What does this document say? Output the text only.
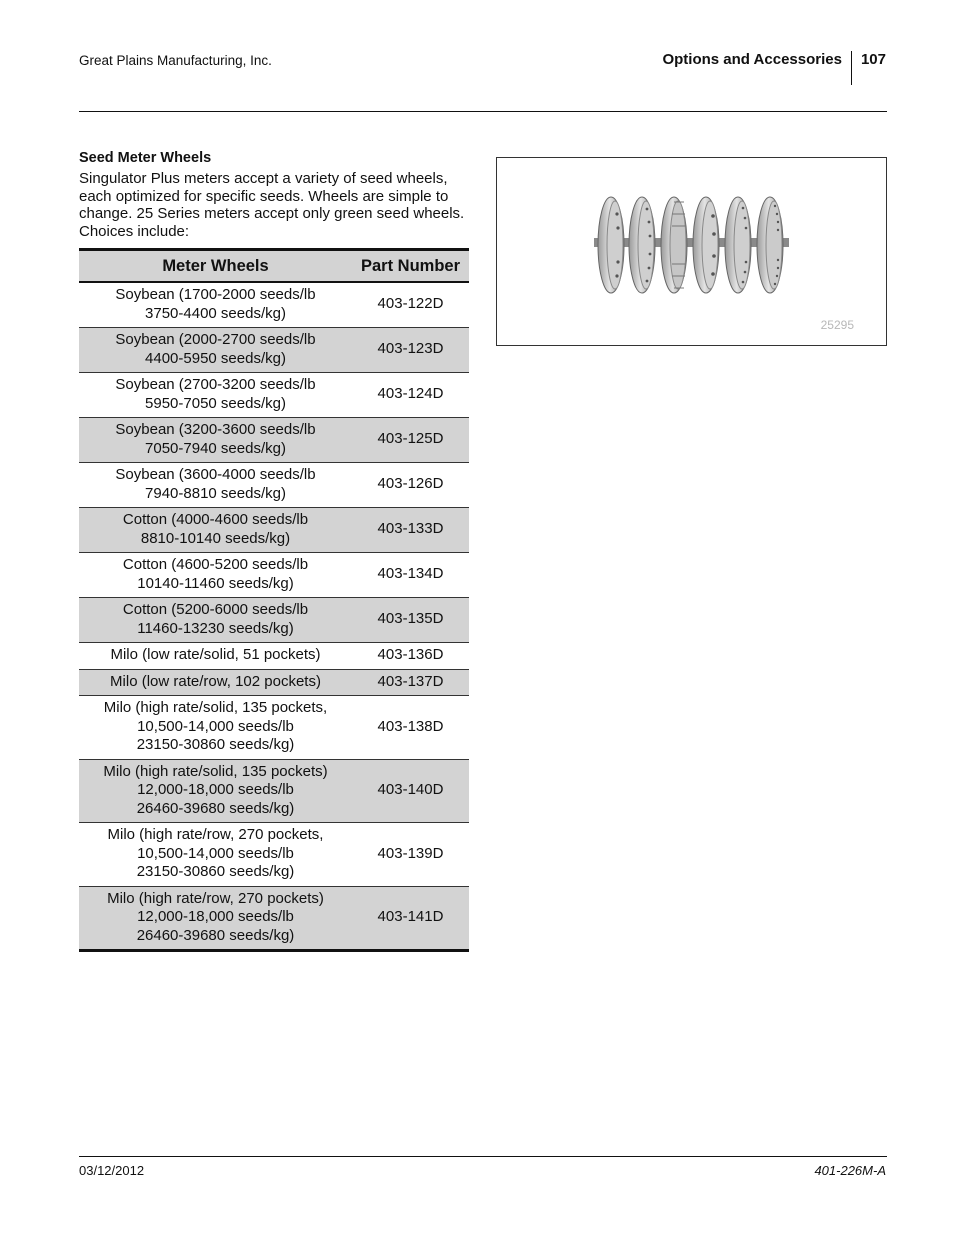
Great Plains Manufacturing, Inc.	Options and Accessories	107
Seed Meter Wheels
Singulator Plus meters accept a variety of seed wheels, each optimized for specific seeds. Wheels are simple to change. 25 Series meters accept only green seed wheels. Choices include:
Meter Wheels	Part Number

Soybean (1700-2000 seeds/lb
3750-4400 seeds/kg)	403-122D

Soybean (2000-2700 seeds/lb
4400-5950 seeds/kg)	403-123D

Soybean (2700-3200 seeds/lb
5950-7050 seeds/kg)	403-124D

Soybean (3200-3600 seeds/lb
7050-7940 seeds/kg)	403-125D

Soybean (3600-4000 seeds/lb
7940-8810 seeds/kg)	403-126D

Cotton (4000-4600 seeds/lb
8810-10140 seeds/kg)	403-133D

Cotton (4600-5200 seeds/lb
10140-11460 seeds/kg)	403-134D

Cotton (5200-6000 seeds/lb
11460-13230 seeds/kg)	403-135D

Milo (low rate/solid, 51 pockets)	403-136D

Milo (low rate/row, 102 pockets)	403-137D

Milo (high rate/solid, 135 pockets,
10,500-14,000 seeds/lb
23150-30860 seeds/kg)	403-138D

Milo (high rate/solid, 135 pockets)
12,000-18,000 seeds/lb
26460-39680 seeds/kg)	403-140D

Milo (high rate/row, 270 pockets,
10,500-14,000 seeds/lb
23150-30860 seeds/kg)	403-139D

Milo (high rate/row, 270 pockets)
12,000-18,000 seeds/lb
26460-39680 seeds/kg)	403-141D
25295
03/12/2012	401-226M-A
